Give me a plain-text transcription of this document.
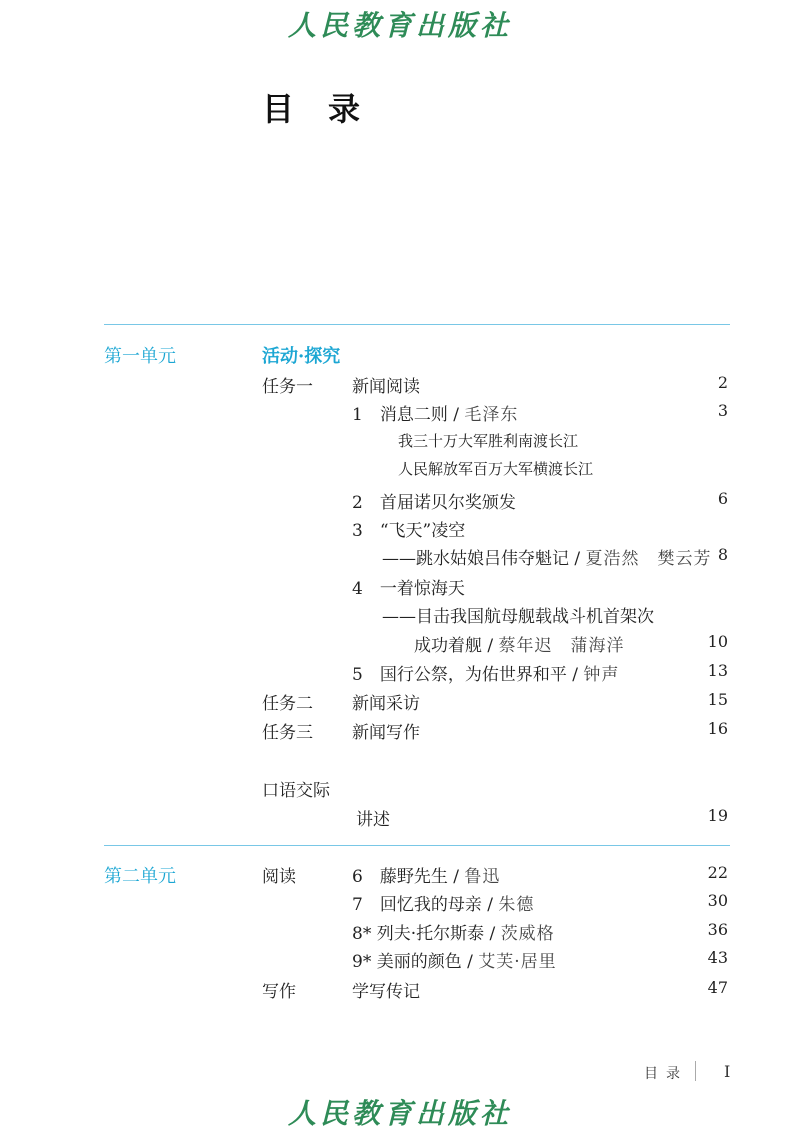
人民教育出版社
目录
第一单元	活动·探究
任务一 新闻阅读	2
1　 消息二则 / 毛泽东	3
我三十万大军胜利南渡长江
人民解放军百万大军横渡长江
2　 首届诺贝尔奖颁发	6
3　 “飞天”凌空
——跳水姑娘吕伟夺魁记 / 夏浩然　樊云芳 8
4　 一着惊海天
——目击我国航母舰载战斗机首架次
成功着舰 / 蔡年迟　蒲海洋	10
5　 国行公祭，为佑世界和平 / 钟声	13
任务二 新闻采访	15
任务三 新闻写作	16
口语交际
讲述	19
第二单元	阅读	6　 藤野先生 / 鲁迅	22
7　 回忆我的母亲 / 朱德	30
8* 列夫·托尔斯泰 / 茨威格	36
9* 美丽的颜色 / 艾芙·居里	43
写作	学写传记	47
目录 I
人民教育出版社
